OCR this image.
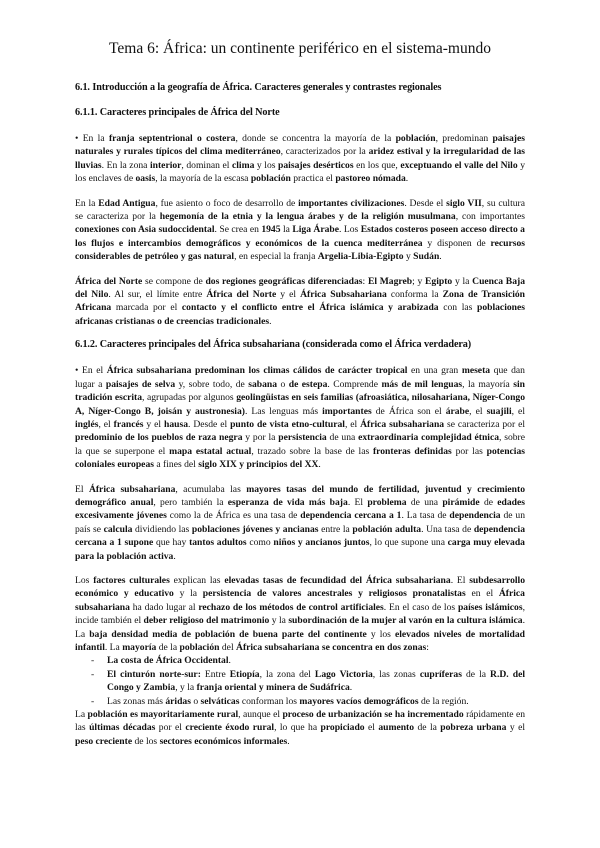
Tema 6: África: un continente periférico en el sistema-mundo
6.1. Introducción a la geografía de África. Caracteres generales y contrastes regionales
6.1.1. Caracteres principales de África del Norte

• En la franja septentrional o costera, donde se concentra la mayoría de la población, predominan paisajes naturales y rurales típicos del clima mediterráneo, caracterizados por la aridez estival y la irregularidad de las lluvias. En la zona interior, dominan el clima y los paisajes desérticos en los que, exceptuando el valle del Nilo y los enclaves de oasis, la mayoría de la escasa población practica el pastoreo nómada.

En la Edad Antigua, fue asiento o foco de desarrollo de importantes civilizaciones. Desde el siglo VII, su cultura se caracteriza por la hegemonía de la etnia y la lengua árabes y de la religión musulmana, con importantes conexiones con Asia sudoccidental. Se crea en 1945 la Liga Árabe. Los Estados costeros poseen acceso directo a los flujos e intercambios demográficos y económicos de la cuenca mediterránea y disponen de recursos considerables de petróleo y gas natural, en especial la franja Argelia-Libia-Egipto y Sudán.

África del Norte se compone de dos regiones geográficas diferenciadas: El Magreb; y Egipto y la Cuenca Baja del Nilo. Al sur, el límite entre África del Norte y el África Subsahariana conforma la Zona de Transición Africana marcada por el contacto y el conflicto entre el África islámica y arabizada con las poblaciones africanas cristianas o de creencias tradicionales.

6.1.2. Caracteres principales del África subsahariana (considerada como el África verdadera)

• En el África subsahariana predominan los climas cálidos de carácter tropical en una gran meseta que dan lugar a paisajes de selva y, sobre todo, de sabana o de estepa. Comprende más de mil lenguas, la mayoría sin tradición escrita, agrupadas por algunos geolingüistas en seis familias (afroasiática, nilosahariana, Níger-Congo A, Níger-Congo B, joisán y austronesia). Las lenguas más importantes de África son el árabe, el suajili, el inglés, el francés y el hausa. Desde el punto de vista etno-cultural, el África subsahariana se caracteriza por el predominio de los pueblos de raza negra y por la persistencia de una extraordinaria complejidad étnica, sobre la que se superpone el mapa estatal actual, trazado sobre la base de las fronteras definidas por las potencias coloniales europeas a fines del siglo XIX y principios del XX.

El África subsahariana, acumulaba las mayores tasas del mundo de fertilidad, juventud y crecimiento demográfico anual, pero también la esperanza de vida más baja. El problema de una pirámide de edades excesivamente jóvenes como la de África es una tasa de dependencia cercana a 1. La tasa de dependencia de un país se calcula dividiendo las poblaciones jóvenes y ancianas entre la población adulta. Una tasa de dependencia cercana a 1 supone que hay tantos adultos como niños y ancianos juntos, lo que supone una carga muy elevada para la población activa.

Los factores culturales explican las elevadas tasas de fecundidad del África subsahariana. El subdesarrollo económico y educativo y la persistencia de valores ancestrales y religiosos pronatalistas en el África subsahariana ha dado lugar al rechazo de los métodos de control artificiales. En el caso de los países islámicos, incide también el deber religioso del matrimonio y la subordinación de la mujer al varón en la cultura islámica. La baja densidad media de población de buena parte del continente y los elevados niveles de mortalidad infantil. La mayoría de la población del África subsahariana se concentra en dos zonas:

- La costa de África Occidental.
- El cinturón norte-sur: Entre Etiopía, la zona del Lago Victoria, las zonas cupríferas de la R.D. del Congo y Zambia, y la franja oriental y minera de Sudáfrica.
- Las zonas más áridas o selváticas conforman los mayores vacíos demográficos de la región.

La población es mayoritariamente rural, aunque el proceso de urbanización se ha incrementado rápidamente en las últimas décadas por el creciente éxodo rural, lo que ha propiciado el aumento de la pobreza urbana y el peso creciente de los sectores económicos informales.
